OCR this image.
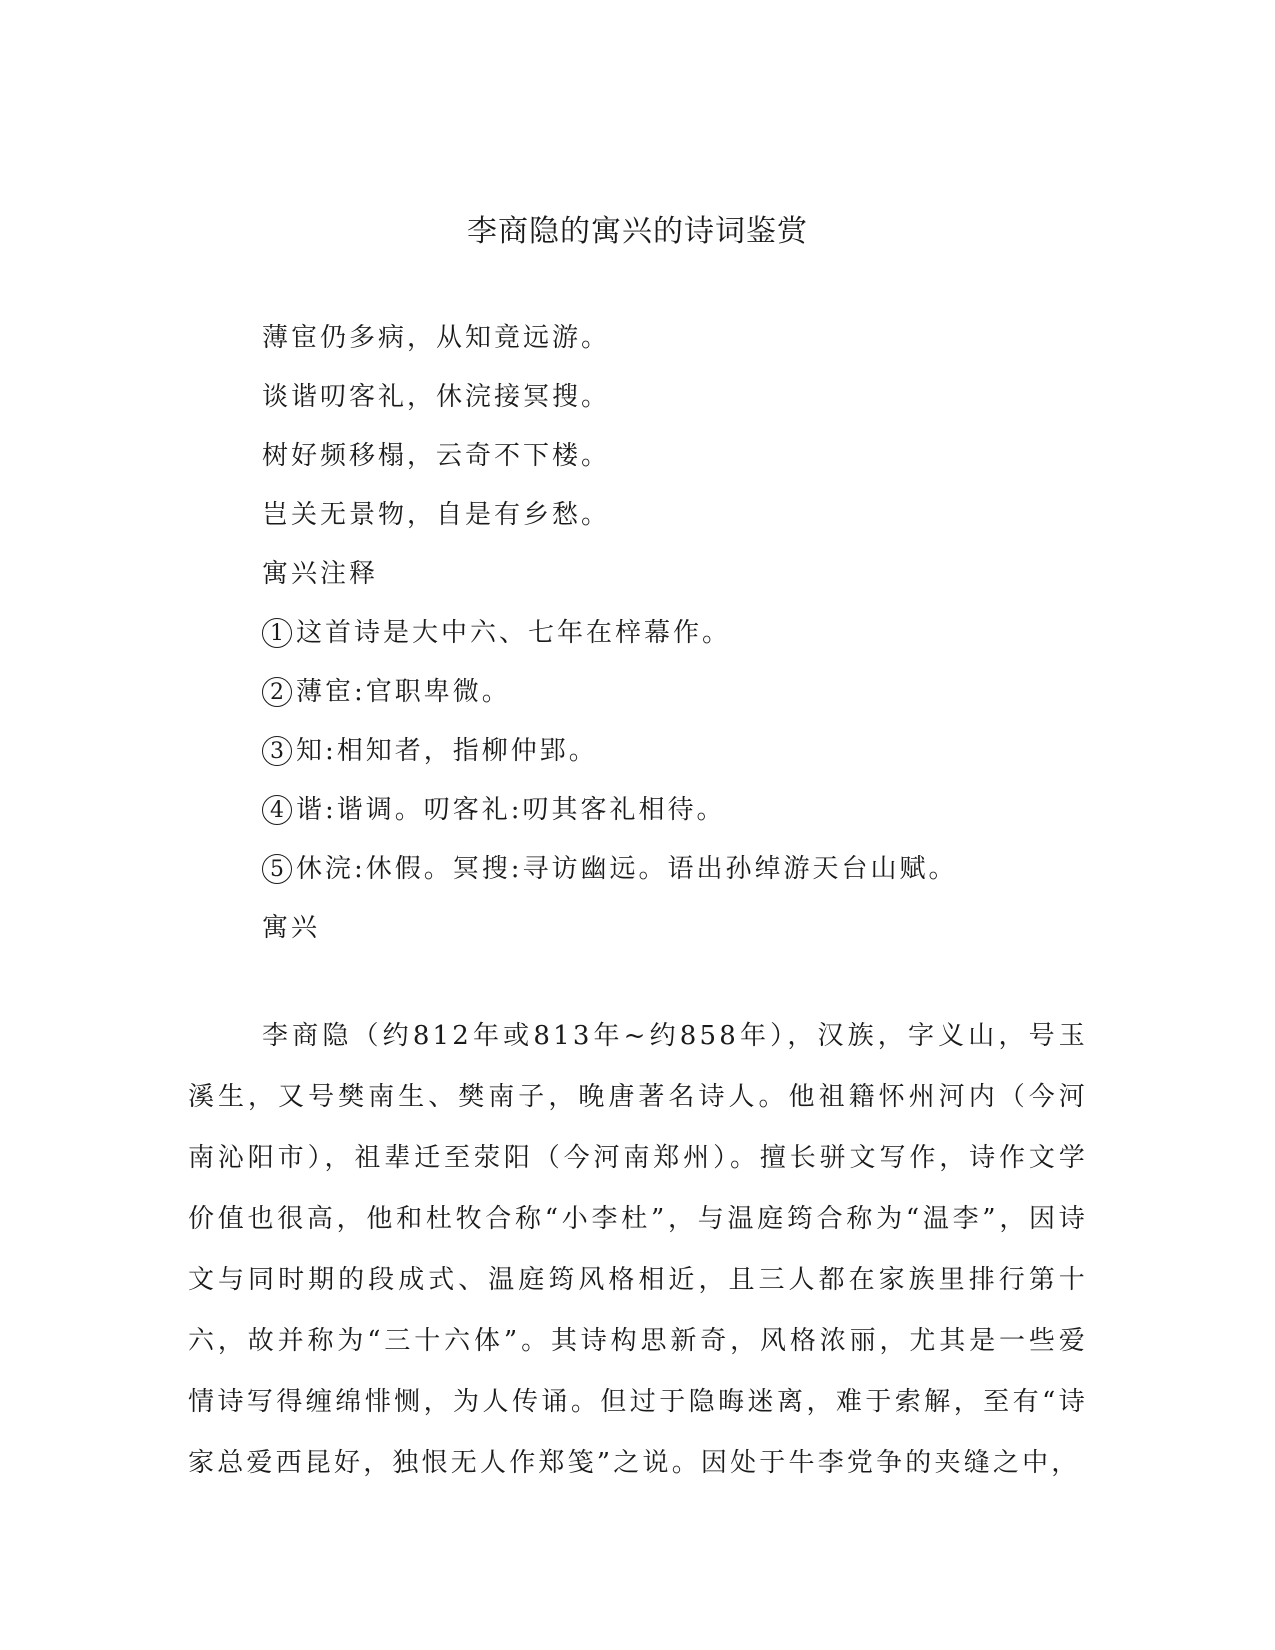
李商隐的寓兴的诗词鉴赏

薄宦仍多病，从知竟远游。

谈谐叨客礼，休浣接冥搜。

树好频移榻，云奇不下楼。

岂关无景物，自是有乡愁。

寓兴注释

1 这首诗是大中六、七年在梓幕作。

2 薄宦:官职卑微。

3 知:相知者，指柳仲郢。

4 谐:谐调。叨客礼:叨其客礼相待。

5 休浣:休假。冥搜:寻访幽远。语出孙绰游天台山赋。

寓兴

李商隐（约812年或813年~约858年），汉族，字义山，号玉溪生，又号樊南生、樊南子，晚唐著名诗人。他祖籍怀州河内（今河南沁阳市），祖辈迁至荥阳（今河南郑州）。擅长骈文写作，诗作文学价值也很高，他和杜牧合称“小李杜”，与温庭筠合称为“温李”，因诗文与同时期的段成式、温庭筠风格相近，且三人都在家族里排行第十六，故并称为“三十六体”。其诗构思新奇，风格浓丽，尤其是一些爱情诗写得缠绵悱恻，为人传诵。但过于隐晦迷离，难于索解，至有“诗家总爱西昆好，独恨无人作郑笺”之说。因处于牛李党争的夹缝之中，
